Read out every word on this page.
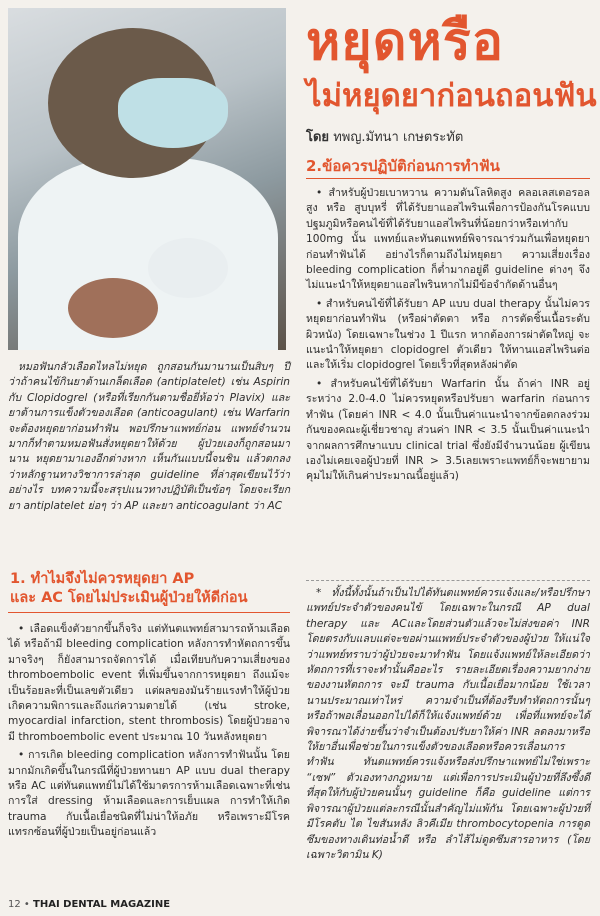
หยุดหรือ
ไม่หยุดยาก่อนถอนฟัน
โดย ทพญ.มัทนา เกษตระทัต
2.ข้อควรปฏิบัติก่อนการทำฟัน

• สำหรับผู้ป่วยเบาหวาน ความดันโลหิตสูง คลอเลสเตอรอลสูง หรือ สูบบุหรี่ ที่ได้รับยาแอสไพรินเพื่อการป้องกันโรคแบบปฐมภูมิหรือคนไข้ที่ได้รับยาแอสไพรินที่น้อยกว่าหรือเท่ากับ 100mg นั้น แพทย์และทันตแพทย์พิจารณาร่วมกันเพื่อหยุดยาก่อนทำฟันได้ อย่างไรก็ตามถึงไม่หยุดยา ความเสี่ยงเรื่อง bleeding complication ก็ต่ำมากอยู่ดี guideline ต่างๆ จึงไม่แนะนำให้หยุดยาแอสไพรินหากไม่มีข้อจำกัดด้านอื่นๆ

• สำหรับคนไข้ที่ได้รับยา AP แบบ dual therapy นั้นไม่ควรหยุดยาก่อนทำฟัน (หรือผ่าตัดตา หรือ การตัดชิ้นเนื้อระดับผิวหนัง) โดยเฉพาะในช่วง 1 ปีแรก หากต้องการผ่าตัดใหญ่ จะแนะนำให้หยุดยา clopidogrel ตัวเดียว ให้ทานแอสไพรินต่อและให้เริ่ม clopidogrel โดยเร็วที่สุดหลังผ่าตัด

• สำหรับคนไข้ที่ได้รับยา Warfarin นั้น ถ้าค่า INR อยู่ระหว่าง 2.0-4.0 ไม่ควรหยุดหรือปรับยา warfarin ก่อนการทำฟัน (โดยค่า INR < 4.0 นั้นเป็นค่าแนะนำจากข้อตกลงร่วมกันของคณะผู้เชี่ยวชาญ ส่วนค่า INR < 3.5 นั้นเป็นค่าแนะนำจากผลการศึกษาแบบ clinical trial ซึ่งยังมีจำนวนน้อย ผู้เขียนเองไม่เคยเจอผู้ป่วยที่ INR > 3.5เลยเพราะแพทย์ก็จะพยายามคุมไม่ให้เกินค่าประมาณนี้อยู่แล้ว)

* ทั้งนี้ทั้งนั้นถ้าเป็นไปได้ทันตแพทย์ควรแจ้งและ/หรือปรึกษาแพทย์ประจำตัวของคนไข้ โดยเฉพาะในกรณี AP dual therapy และ ACและโดยส่วนตัวแล้วจะไม่ส่งขอค่า INR โดยตรงกับแลบแต่จะขอผ่านแพทย์ประจำตัวของผู้ป่วย ให้แน่ใจว่าแพทย์ทราบว่าผู้ป่วยจะมาทำฟัน โดยแจ้งแพทย์ให้ละเอียดว่าหัตถการที่เราจะทำนั้นคืออะไร รายละเอียดเรื่องความยากง่ายของงานหัตถการ จะมี trauma กับเนื้อเยื่อมากน้อย ใช้เวลานานประมาณเท่าไหร่ ความจำเป็นที่ต้องรีบทำหัตถการนั้นๆ หรือถ้าพอเลื่อนออกไปได้ก็ให้แจ้งแพทย์ด้วย เพื่อที่แพทย์จะได้พิจารณาได้ง่ายขึ้นว่าจำเป็นต้องปรับยาให้ค่า INR ลดลงมาหรือให้ยาอื่นเพื่อช่วยในการแข็งตัวของเลือดหรือควรเลื่อนการทำฟัน ทันตแพทย์ควรแจ้งหรือส่งปรึกษาแพทย์ไม่ใช่เพราะ “เซฟ” ตัวเองทางกฎหมาย แต่เพื่อการประเมินผู้ป่วยที่ลึงซึ้งดีที่สุดให้กับผู้ป่วยคนนั้นๆ guideline ก็คือ guideline แต่การพิจารณาผู้ป่วยแต่ละกรณีนั้นสำคัญไม่แพ้กัน โดยเฉพาะผู้ป่วยที่มีโรคตับ ไต ไขสันหลัง ลิวคีเมีย thrombocytopenia การดูดซึมของทางเดินท่อน้ำดี หรือ ลำไส้ไม่ดูดซึมสารอาหาร (โดยเฉพาะวิตามิน K)

หมอฟันกลัวเลือดไหลไม่หยุด ถูกสอนกันมานานเป็นสิบๆ ปี ว่าถ้าคนไข้กินยาต้านเกล็ดเลือด (antiplatelet) เช่น Aspirin กับ Clopidogrel (หรือที่เรียกกันตามชื่อยี่ห้อว่า Plavix) และ ยาต้านการแข็งตัวของเลือด (anticoagulant) เช่น Warfarin จะต้องหยุดยาก่อนทำฟัน พอปรึกษาแพทย์ก่อน แพทย์จำนวนมากก็ทำตามหมอฟันสั่งหยุดยาให้ด้วย ผู้ป่วยเองก็ถูกสอนมานาน หยุดยามาเองอีกต่างหาก เห็นกันแบบนี้จนชิน แล้วตกลงว่าหลักฐานทางวิชาการล่าสุด guideline ที่ล่าสุดเขียนไว้ว่าอย่างไร บทความนี้จะสรุปแนวทางปฏิบัติเป็นข้อๆ โดยจะเรียกยา antiplatelet ย่อๆ ว่า AP และยา anticoagulant ว่า AC

1. ทำไมจึงไม่ควรหยุดยา AP
และ AC โดยไม่ประเมินผู้ป่วยให้ดีก่อน

• เลือดแข็งตัวยากขึ้นก็จริง แต่ทันตแพทย์สามารถห้ามเลือดได้ หรือถ้ามี bleeding complication หลังการทำหัตถการขึ้นมาจริงๆ ก็ยังสามารถจัดการได้ เมื่อเทียบกับความเสี่ยงของ thromboembolic event ที่เพิ่มขึ้นจากการหยุดยา ถึงแม้จะเป็นร้อยละที่เป็นเลขตัวเดียว แต่ผลของมันร้ายแรงทำให้ผู้ป่วยเกิดความพิการและถึงแก่ความตายได้ (เช่น stroke, myocardial infarction, stent thrombosis) โดยผู้ป่วยอาจมี thromboembolic event ประมาณ 10 วันหลังหยุดยา

• การเกิด bleeding complication หลังการทำฟันนั้น โดยมากมักเกิดขึ้นในกรณีที่ผู้ป่วยทานยา AP แบบ dual therapy หรือ AC แต่ทันตแพทย์ไม่ได้ใช้มาตรการห้ามเลือดเฉพาะที่เช่นการใส่ dressing ห้ามเลือดและการเย็บแผล การทำให้เกิด trauma กับเนื้อเยื่อชนิดที่ไม่น่าให้อภัย หรือเพราะมีโรคแทรกซ้อนที่ผู้ป่วยเป็นอยู่ก่อนแล้ว

12 • THAI DENTAL MAGAZINE
